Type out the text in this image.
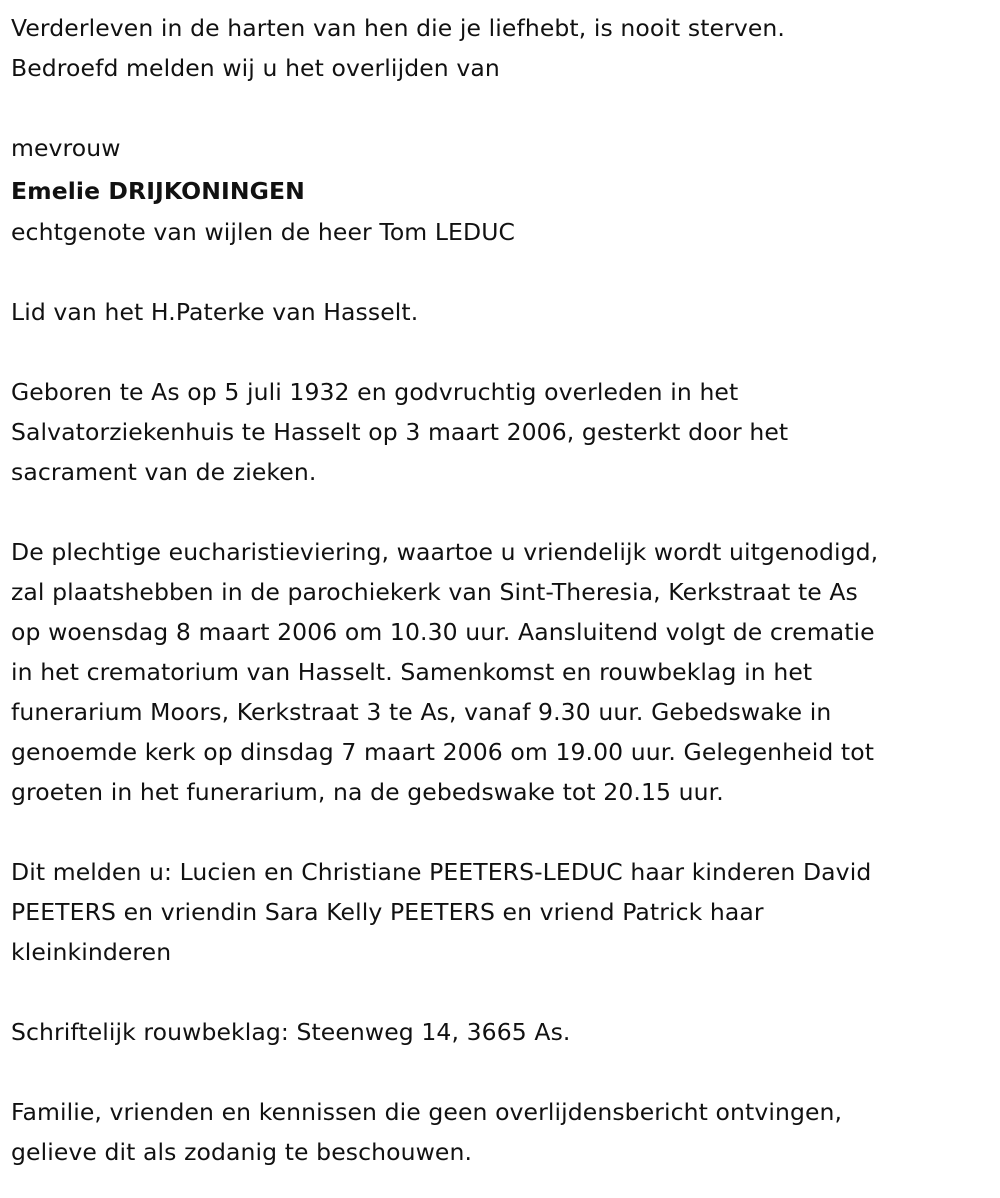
Verderleven in de harten van hen die je liefhebt, is nooit sterven.
Bedroefd melden wij u het overlijden van
mevrouw
Emelie DRIJKONINGEN
echtgenote van wijlen de heer Tom LEDUC
Lid van het H.Paterke van Hasselt.
Geboren te As op 5 juli 1932 en godvruchtig overleden in het
Salvatorziekenhuis te Hasselt op 3 maart 2006, gesterkt door het
sacrament van de zieken.
De plechtige eucharistieviering, waartoe u vriendelijk wordt uitgenodigd,
zal plaatshebben in de parochiekerk van Sint-Theresia, Kerkstraat te As
op woensdag 8 maart 2006 om 10.30 uur. Aansluitend volgt de crematie
in het crematorium van Hasselt. Samenkomst en rouwbeklag in het
funerarium Moors, Kerkstraat 3 te As, vanaf 9.30 uur. Gebedswake in
genoemde kerk op dinsdag 7 maart 2006 om 19.00 uur. Gelegenheid tot
groeten in het funerarium, na de gebedswake tot 20.15 uur.
Dit melden u: Lucien en Christiane PEETERS-LEDUC haar kinderen David
PEETERS en vriendin Sara Kelly PEETERS en vriend Patrick haar
kleinkinderen
Schriftelijk rouwbeklag: Steenweg 14, 3665 As.
Familie, vrienden en kennissen die geen overlijdensbericht ontvingen,
gelieve dit als zodanig te beschouwen.
